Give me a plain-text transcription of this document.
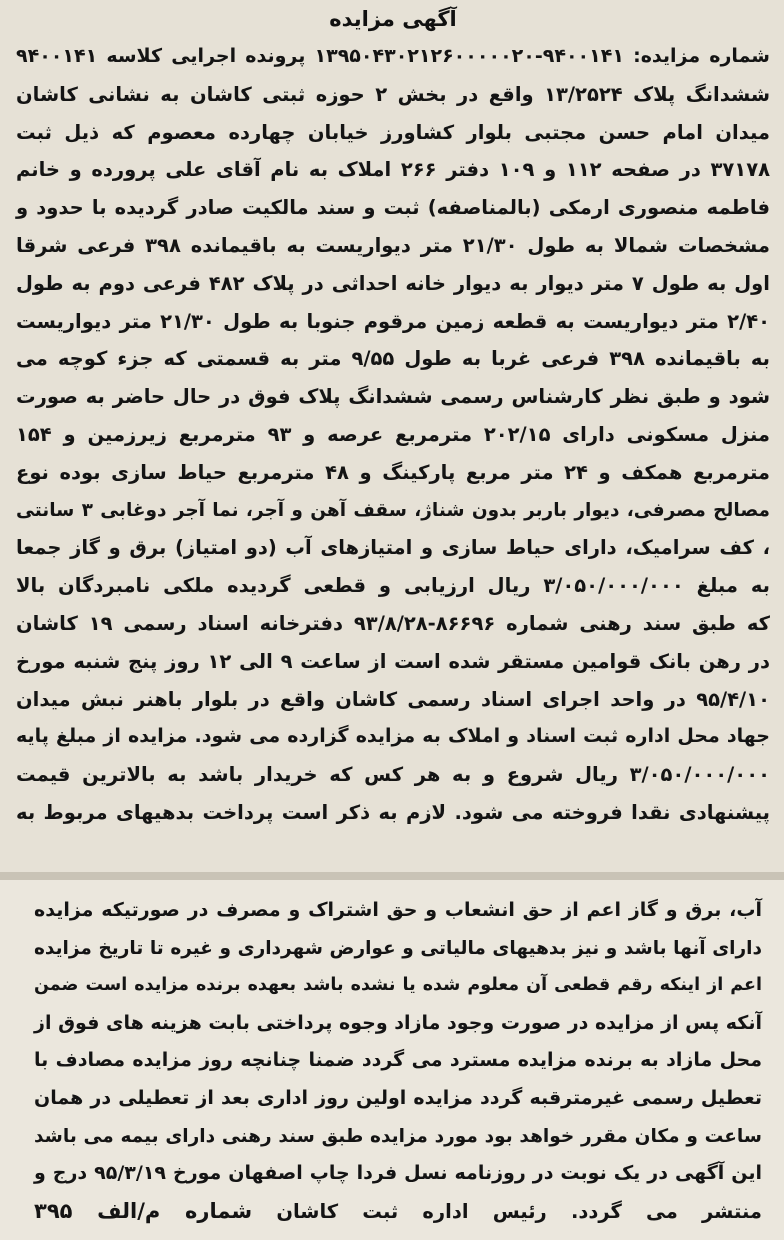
آگهی مزایده

شماره مزایده: ۹۴۰۰۱۴۱-۱۳۹۵۰۴۳۰۲۱۲۶۰۰۰۰۰۲۰ پرونده اجرایی کلاسه ۹۴۰۰۱۴۱
ششدانگ پلاک ۱۳/۲۵۲۴ واقع در بخش ۲ حوزه ثبتی کاشان به نشانی کاشان
میدان امام حسن مجتبی بلوار کشاورز خیابان چهارده معصوم که ذیل ثبت
۳۷۱۷۸ در صفحه ۱۱۲ و ۱۰۹ دفتر ۲۶۶ املاک به نام آقای علی پرورده و خانم
فاطمه منصوری ارمکی (بالمناصفه) ثبت و سند مالکیت صادر گردیده با حدود و
مشخصات شمالا به طول ۲۱/۳۰ متر دیواریست به باقیمانده ۳۹۸ فرعی شرقا
اول به طول ۷ متر دیوار به دیوار خانه احداثی در پلاک ۴۸۲ فرعی دوم به طول
۲/۴۰ متر دیواریست به قطعه زمین مرقوم جنوبا به طول ۲۱/۳۰ متر دیواریست
به باقیمانده ۳۹۸ فرعی غربا به طول ۹/۵۵ متر به قسمتی که جزء کوچه می
شود و طبق نظر کارشناس رسمی ششدانگ پلاک فوق در حال حاضر به صورت
منزل مسکونی دارای ۲۰۲/۱۵ مترمربع عرصه و ۹۳ مترمربع زیرزمین و ۱۵۴
مترمربع همکف و ۲۴ متر مربع پارکینگ و ۴۸ مترمربع حیاط سازی بوده نوع
مصالح مصرفی، دیوار باربر بدون شناژ، سقف آهن و آجر، نما آجر دوغابی ۳ سانتی
، کف سرامیک، دارای حیاط سازی و امتیازهای آب (دو امتیاز) برق و گاز جمعا
به مبلغ ۳/۰۵۰/۰۰۰/۰۰۰ ریال ارزیابی و قطعی گردیده ملکی نامبردگان بالا
که طبق سند رهنی شماره ۸۶۶۹۶-۹۳/۸/۲۸ دفترخانه اسناد رسمی ۱۹ کاشان
در رهن بانک قوامین مستقر شده است از ساعت ۹ الی ۱۲ روز پنج شنبه مورخ
۹۵/۴/۱۰ در واحد اجرای اسناد رسمی کاشان واقع در بلوار باهنر نبش میدان
جهاد محل اداره ثبت اسناد و املاک به مزایده گزارده می شود. مزایده از مبلغ پایه
۳/۰۵۰/۰۰۰/۰۰۰ ریال شروع و به هر کس که خریدار باشد به بالاترین قیمت
پیشنهادی نقدا فروخته می شود. لازم به ذکر است پرداخت بدهیهای مربوط به

آب، برق و گاز اعم از حق انشعاب و حق اشتراک و مصرف در صورتیکه مزایده
دارای آنها باشد و نیز بدهیهای مالیاتی و عوارض شهرداری و غیره تا تاریخ مزایده
اعم از اینکه رقم قطعی آن معلوم شده یا نشده باشد بعهده برنده مزایده است ضمن
آنکه پس از مزایده در صورت وجود مازاد وجوه پرداختی بابت هزینه های فوق از
محل مازاد به برنده مزایده مسترد می گردد ضمنا چنانچه روز مزایده مصادف با
تعطیل رسمی غیرمترقبه گردد مزایده اولین روز اداری بعد از تعطیلی در همان
ساعت و مکان مقرر خواهد بود مورد مزایده طبق سند رهنی دارای بیمه می باشد
این آگهی در یک نوبت در روزنامه نسل فردا چاپ اصفهان مورخ ۹۵/۳/۱۹ درج و
منتشر می گردد. رئیس اداره ثبت کاشان شماره م/الف ۳۹۵
